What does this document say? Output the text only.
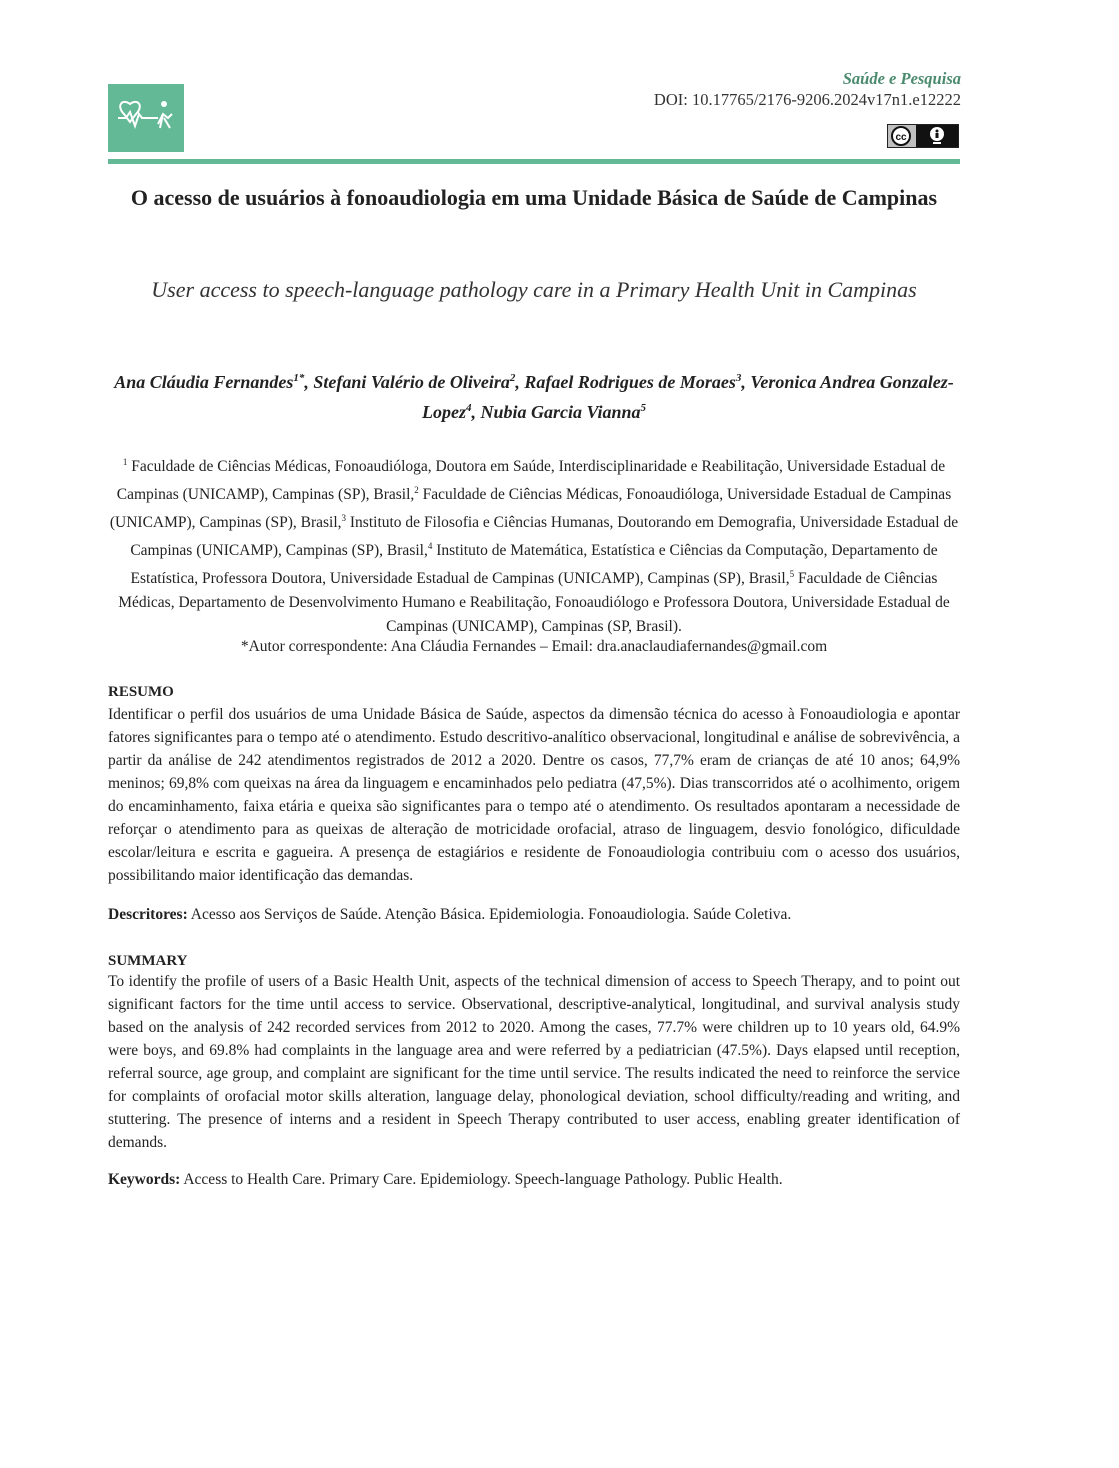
Saúde e Pesquisa
DOI: 10.17765/2176-9206.2024v17n1.e12222
cc
O acesso de usuários à fonoaudiologia em uma Unidade Básica de Saúde de Campinas
User access to speech-language pathology care in a Primary Health Unit in Campinas
Ana Cláudia Fernandes$^{1*}$, Stefani Valério de Oliveira$^2$, Rafael Rodrigues de Moraes$^3$, Veronica Andrea Gonzalez-Lopez$^4$, Nubia Garcia Vianna$^5$
$^1$ Faculdade de Ciências Médicas, Fonoaudióloga, Doutora em Saúde, Interdisciplinaridade e Reabilitação, Universidade Estadual de Campinas (UNICAMP), Campinas (SP), Brasil,$^2$ Faculdade de Ciências Médicas, Fonoaudióloga, Universidade Estadual de Campinas (UNICAMP), Campinas (SP), Brasil,$^3$ Instituto de Filosofia e Ciências Humanas, Doutorando em Demografia, Universidade Estadual de Campinas (UNICAMP), Campinas (SP), Brasil,$^4$ Instituto de Matemática, Estatística e Ciências da Computação, Departamento de Estatística, Professora Doutora, Universidade Estadual de Campinas (UNICAMP), Campinas (SP), Brasil,$^5$ Faculdade de Ciências Médicas, Departamento de Desenvolvimento Humano e Reabilitação, Fonoaudiólogo e Professora Doutora, Universidade Estadual de Campinas (UNICAMP), Campinas (SP, Brasil).
*Autor correspondente: Ana Cláudia Fernandes – Email: dra.anaclaudiafernandes@gmail.com
RESUMO

Identificar o perfil dos usuários de uma Unidade Básica de Saúde, aspectos da dimensão técnica do acesso à Fonoaudiologia e apontar fatores significantes para o tempo até o atendimento. Estudo descritivo-analítico observacional, longitudinal e análise de sobrevivência, a partir da análise de 242 atendimentos registrados de 2012 a 2020. Dentre os casos, 77,7% eram de crianças de até 10 anos; 64,9% meninos; 69,8% com queixas na área da linguagem e encaminhados pelo pediatra (47,5%). Dias transcorridos até o acolhimento, origem do encaminhamento, faixa etária e queixa são significantes para o tempo até o atendimento. Os resultados apontaram a necessidade de reforçar o atendimento para as queixas de alteração de motricidade orofacial, atraso de linguagem, desvio fonológico, dificuldade escolar/leitura e escrita e gagueira. A presença de estagiários e residente de Fonoaudiologia contribuiu com o acesso dos usuários, possibilitando maior identificação das demandas.

Descritores: Acesso aos Serviços de Saúde. Atenção Básica. Epidemiologia. Fonoaudiologia. Saúde Coletiva.
SUMMARY

To identify the profile of users of a Basic Health Unit, aspects of the technical dimension of access to Speech Therapy, and to point out significant factors for the time until access to service. Observational, descriptive-analytical, longitudinal, and survival analysis study based on the analysis of 242 recorded services from 2012 to 2020. Among the cases, 77.7% were children up to 10 years old, 64.9% were boys, and 69.8% had complaints in the language area and were referred by a pediatrician (47.5%). Days elapsed until reception, referral source, age group, and complaint are significant for the time until service. The results indicated the need to reinforce the service for complaints of orofacial motor skills alteration, language delay, phonological deviation, school difficulty/reading and writing, and stuttering. The presence of interns and a resident in Speech Therapy contributed to user access, enabling greater identification of demands.

Keywords: Access to Health Care. Primary Care. Epidemiology. Speech-language Pathology. Public Health.
